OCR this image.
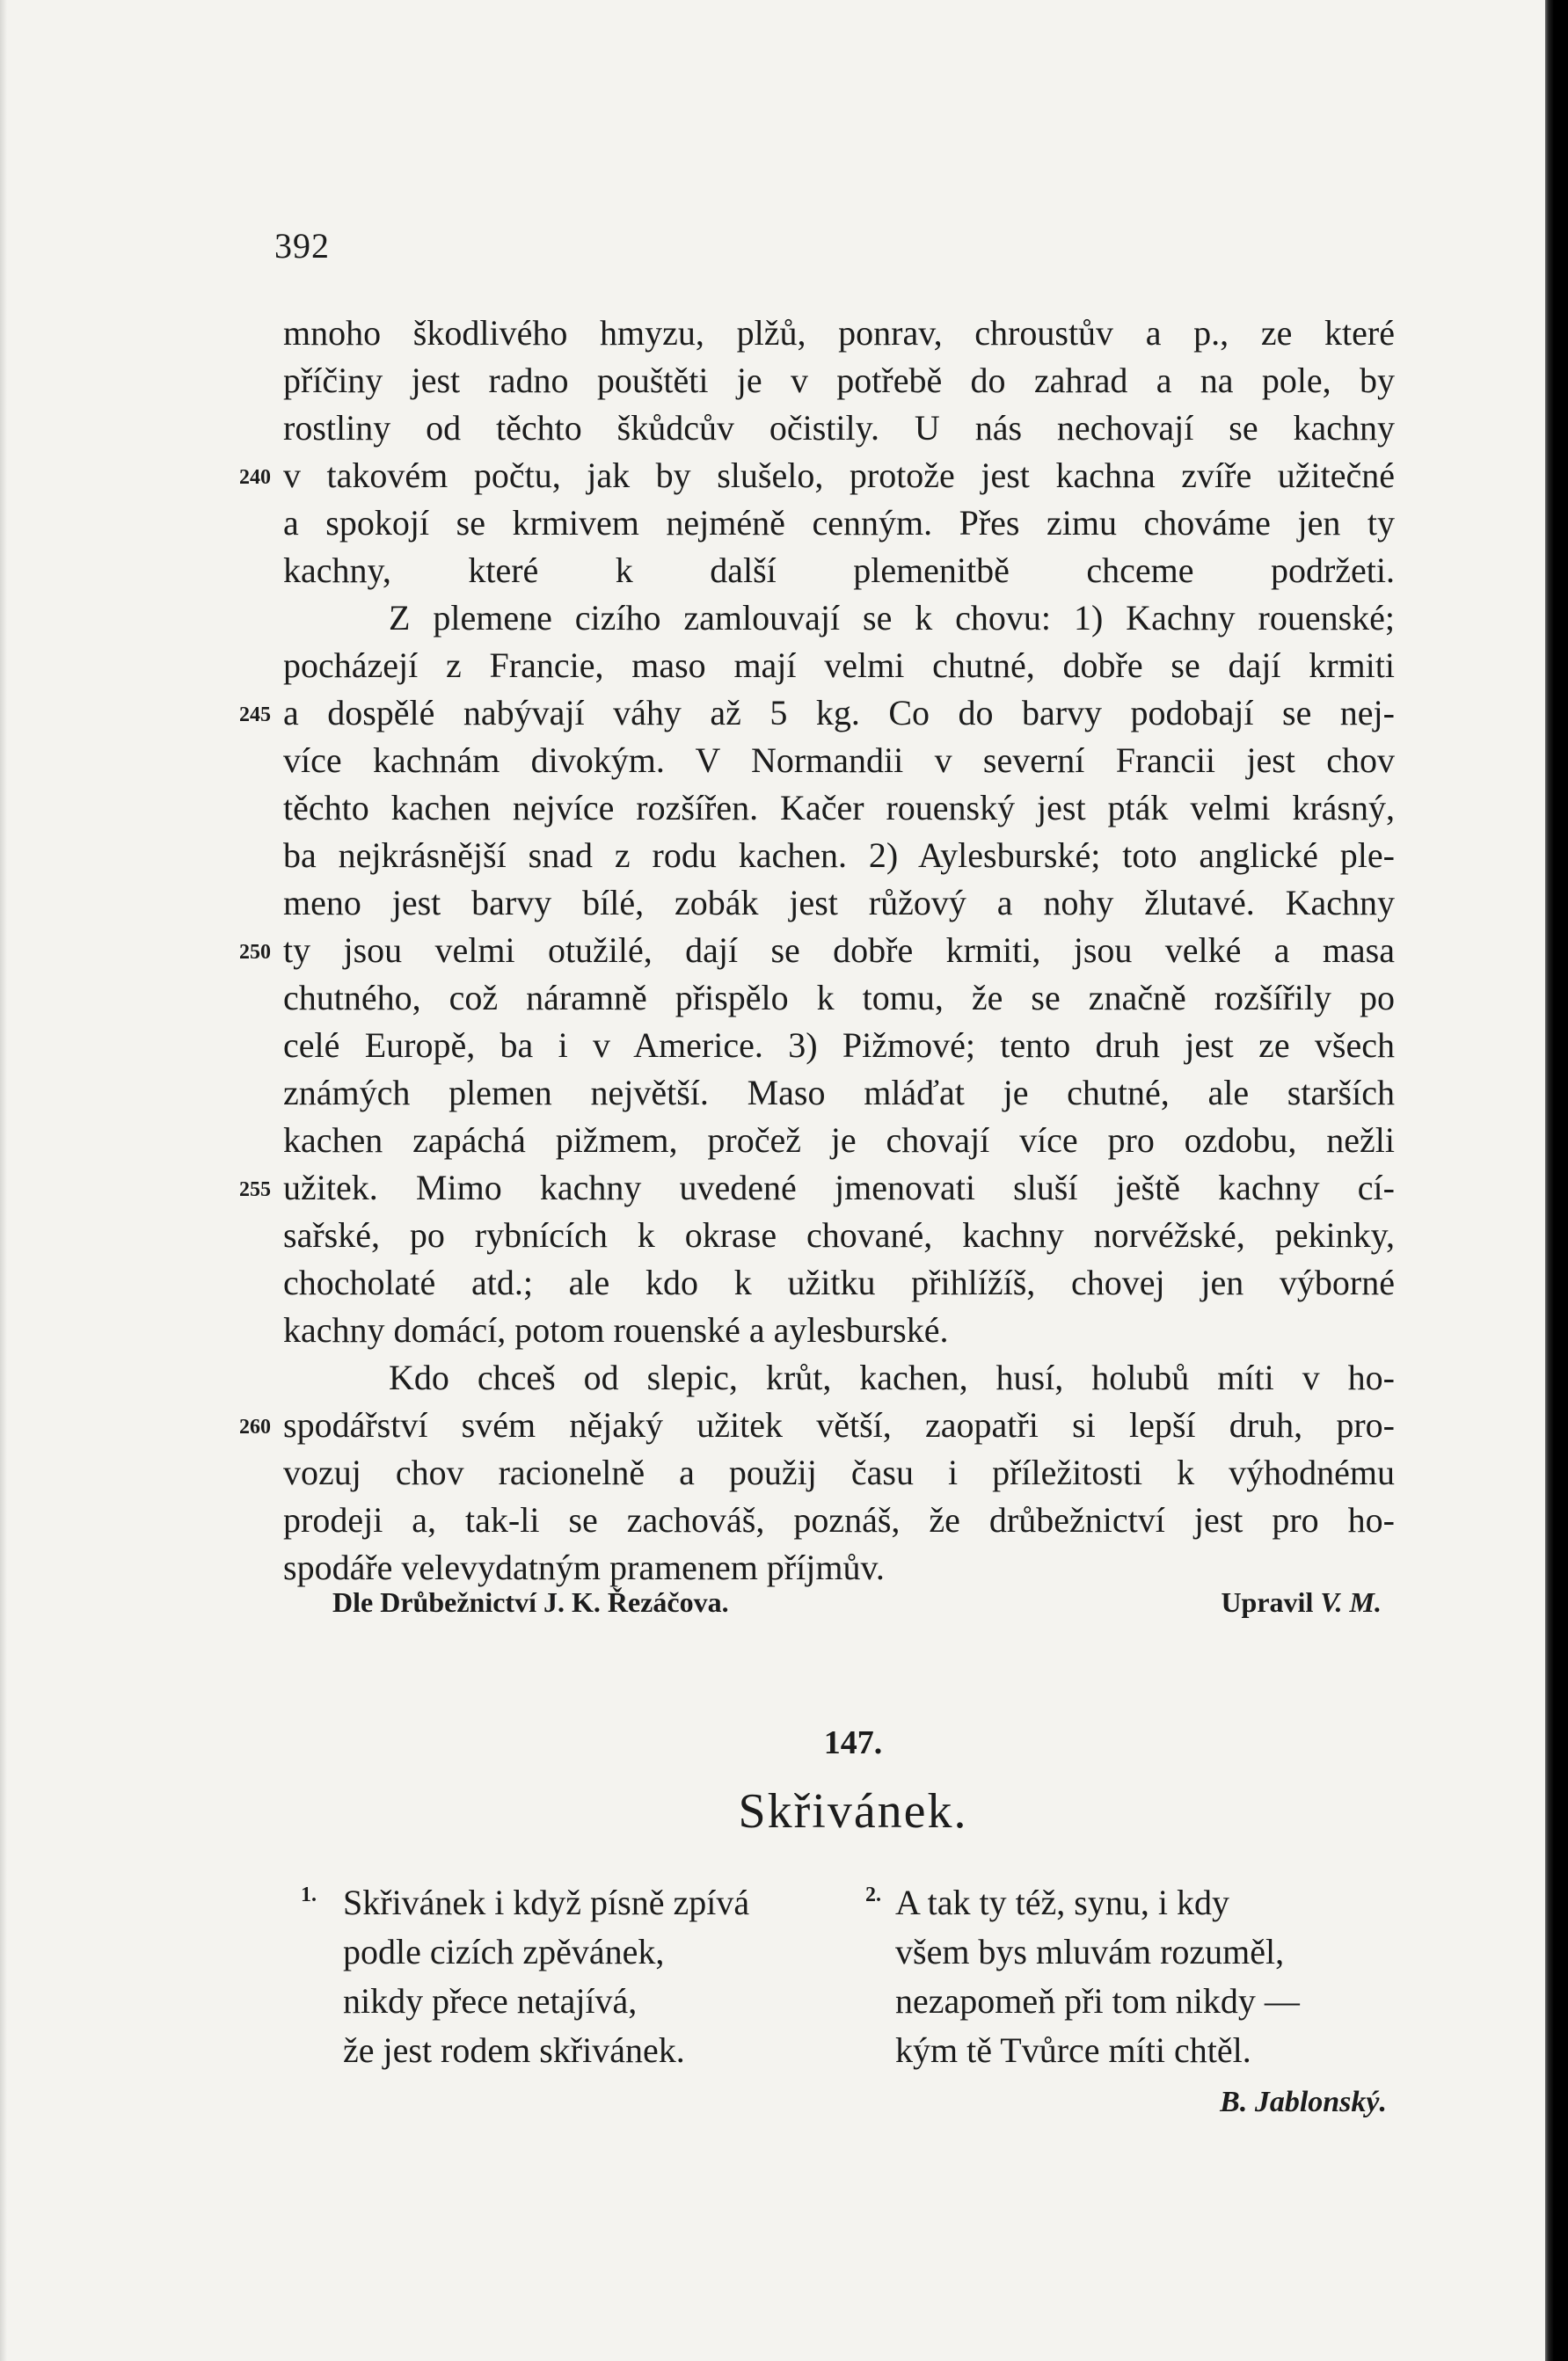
392
mnoho škodlivého hmyzu, plžů, ponrav, chroustův a p., ze které
příčiny jest radno pouštěti je v potřebě do zahrad a na pole, by
rostliny od těchto škůdcův očistily. U nás nechovají se kachny
240 v takovém počtu, jak by slušelo, protože jest kachna zvíře užitečné
a spokojí se krmivem nejméně cenným. Přes zimu chováme jen ty
kachny, které k další plemenitbě chceme podržeti.
Z plemene cizího zamlouvají se k chovu: 1) Kachny rouenské;
pocházejí z Francie, maso mají velmi chutné, dobře se dají krmiti
245 a dospělé nabývají váhy až 5 kg. Co do barvy podobají se nej-
více kachnám divokým. V Normandii v severní Francii jest chov
těchto kachen nejvíce rozšířen. Kačer rouenský jest pták velmi krásný,
ba nejkrásnější snad z rodu kachen. 2) Aylesburské; toto anglické ple-
meno jest barvy bílé, zobák jest růžový a nohy žlutavé. Kachny
250 ty jsou velmi otužilé, dají se dobře krmiti, jsou velké a masa
chutného, což náramně přispělo k tomu, že se značně rozšířily po
celé Europě, ba i v Americe. 3) Pižmové; tento druh jest ze všech
známých plemen největší. Maso mláďat je chutné, ale starších
kachen zapáchá pižmem, pročež je chovají více pro ozdobu, nežli
255 užitek. Mimo kachny uvedené jmenovati sluší ještě kachny cí-
sařské, po rybnících k okrase chované, kachny norvéžské, pekinky,
chocholaté atd.; ale kdo k užitku přihlížíš, chovej jen výborné
kachny domácí, potom rouenské a aylesburské.
Kdo chceš od slepic, krůt, kachen, husí, holubů míti v ho-
260 spodářství svém nějaký užitek větší, zaopatři si lepší druh, pro-
vozuj chov racionelně a použij času i příležitosti k výhodnému
prodeji a, tak-li se zachováš, poznáš, že drůbežnictví jest pro ho-
spodáře velevydatným pramenem příjmův.
Dle Drůbežnictví J. K. Řezáčova.	Upravil V. M.
147.
Skřivánek.
1. Skřivánek i když písně zpívá
podle cizích zpěvánek,
nikdy přece netajívá,
že jest rodem skřivánek.
2. A tak ty též, synu, i kdy
všem bys mluvám rozuměl,
nezapomeň při tom nikdy —
kým tě Tvůrce míti chtěl.
B. Jablonský.
